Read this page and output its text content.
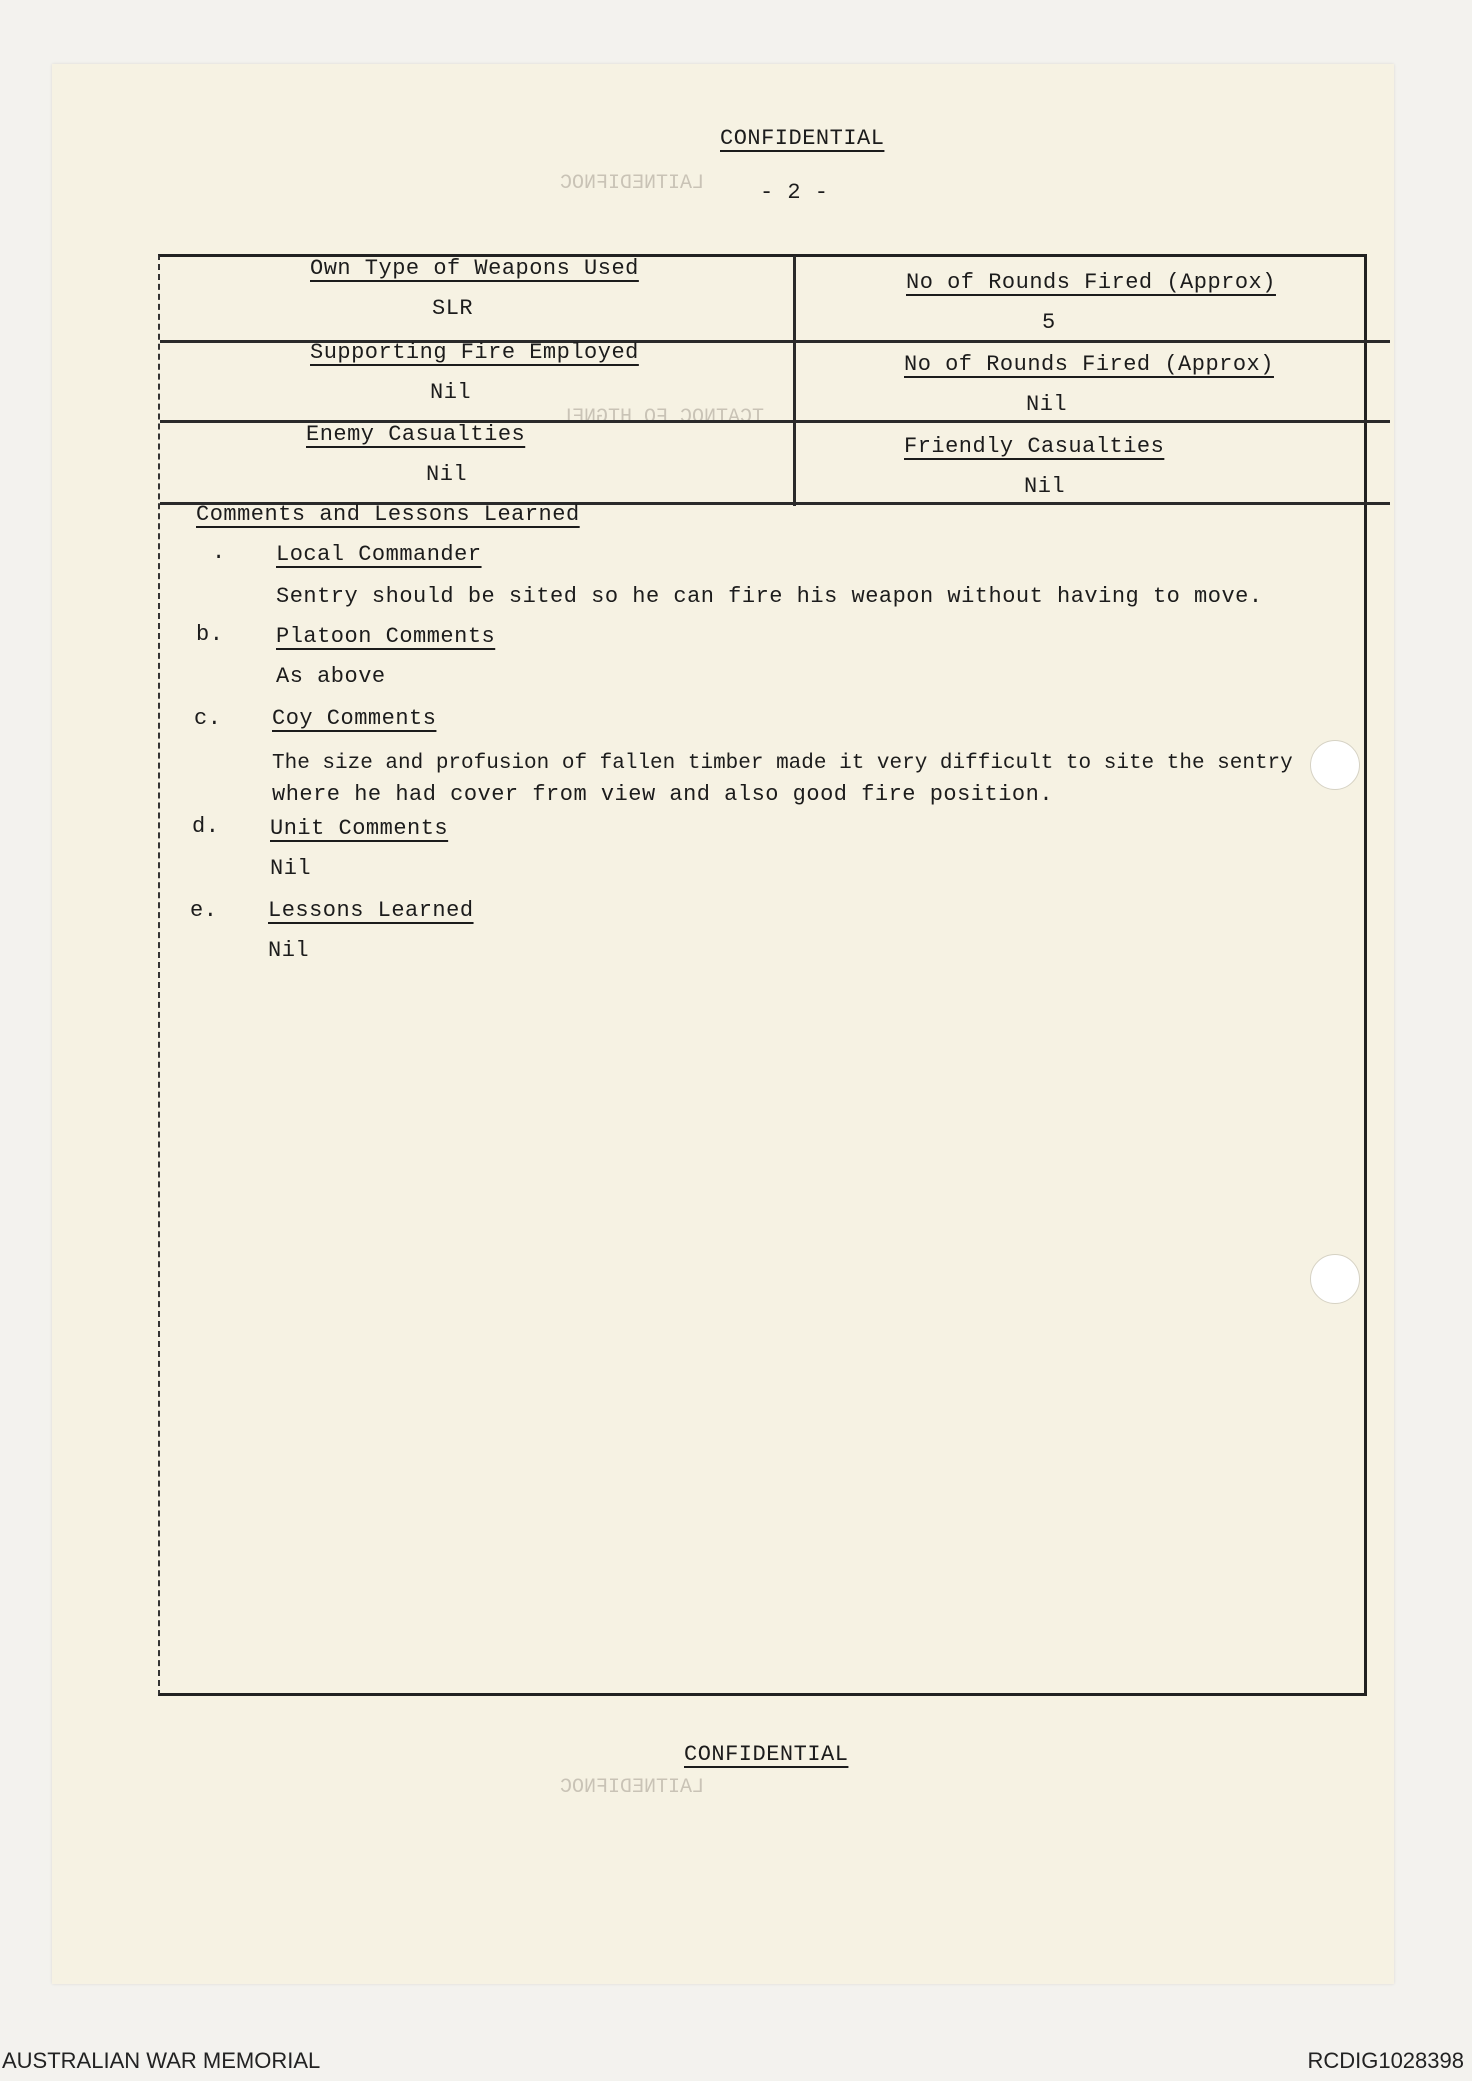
LAITNEDIFNOC
TCATNOC FO HTGNEL
LAITNEDIFNOC
CONFIDENTIAL
- 2 -
Own Type of Weapons Used
SLR
No of Rounds Fired (Approx)
5
Supporting Fire Employed
Nil
No of Rounds Fired (Approx)
Nil
Enemy Casualties
Nil
Friendly Casualties
Nil
Comments and Lessons Learned
. Local Commander
Sentry should be sited so he can fire his weapon without having to move.
b. Platoon Comments
As above
c. Coy Comments
The size and profusion of fallen timber made it very difficult to site the sentry
where he had cover from view and also good fire position.
d. Unit Comments
Nil
e. Lessons Learned
Nil
CONFIDENTIAL
AUSTRALIAN WAR MEMORIAL	RCDIG1028398
